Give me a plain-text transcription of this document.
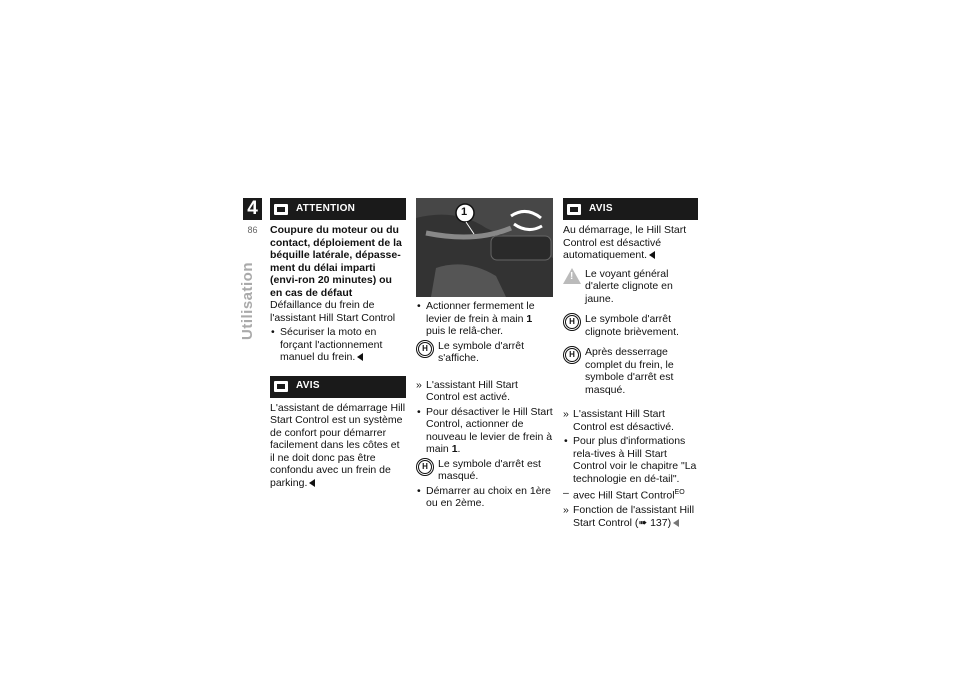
4
86
Utilisation
ATTENTION

Coupure du moteur ou du contact, déploiement de la béquille latérale, dépasse-ment du délai imparti (envi-ron 20 minutes) ou en cas de défaut

Défaillance du frein de l'assistant Hill Start Control

• Sécuriser la moto en forçant l'actionnement manuel du frein.
AVIS

L'assistant de démarrage Hill Start Control est un système de confort pour démarrer facilement dans les côtes et il ne doit donc pas être confondu avec un frein de parking.

1
• Actionner fermement le levier de frein à main 1 puis le relâ-cher.
H Le symbole d'arrêt s'affiche.
» L'assistant Hill Start Control est activé.
• Pour désactiver le Hill Start Control, actionner de nouveau le levier de frein à main 1.
H Le symbole d'arrêt est masqué.
• Démarrer au choix en 1ère ou en 2ème.
AVIS

Au démarrage, le Hill Start Control est désactivé automatiquement.

!
Le voyant général d'alerte clignote en jaune.
H Le symbole d'arrêt clignote brièvement.
H Après desserrage complet du frein, le symbole d'arrêt est masqué.
» L'assistant Hill Start Control est désactivé.
• Pour plus d'informations rela-tives à Hill Start Control voir le chapitre "La technologie en dé-tail".
– avec Hill Start Control$^{EO}$
» Fonction de l'assistant Hill Start Control (➠ 137)
